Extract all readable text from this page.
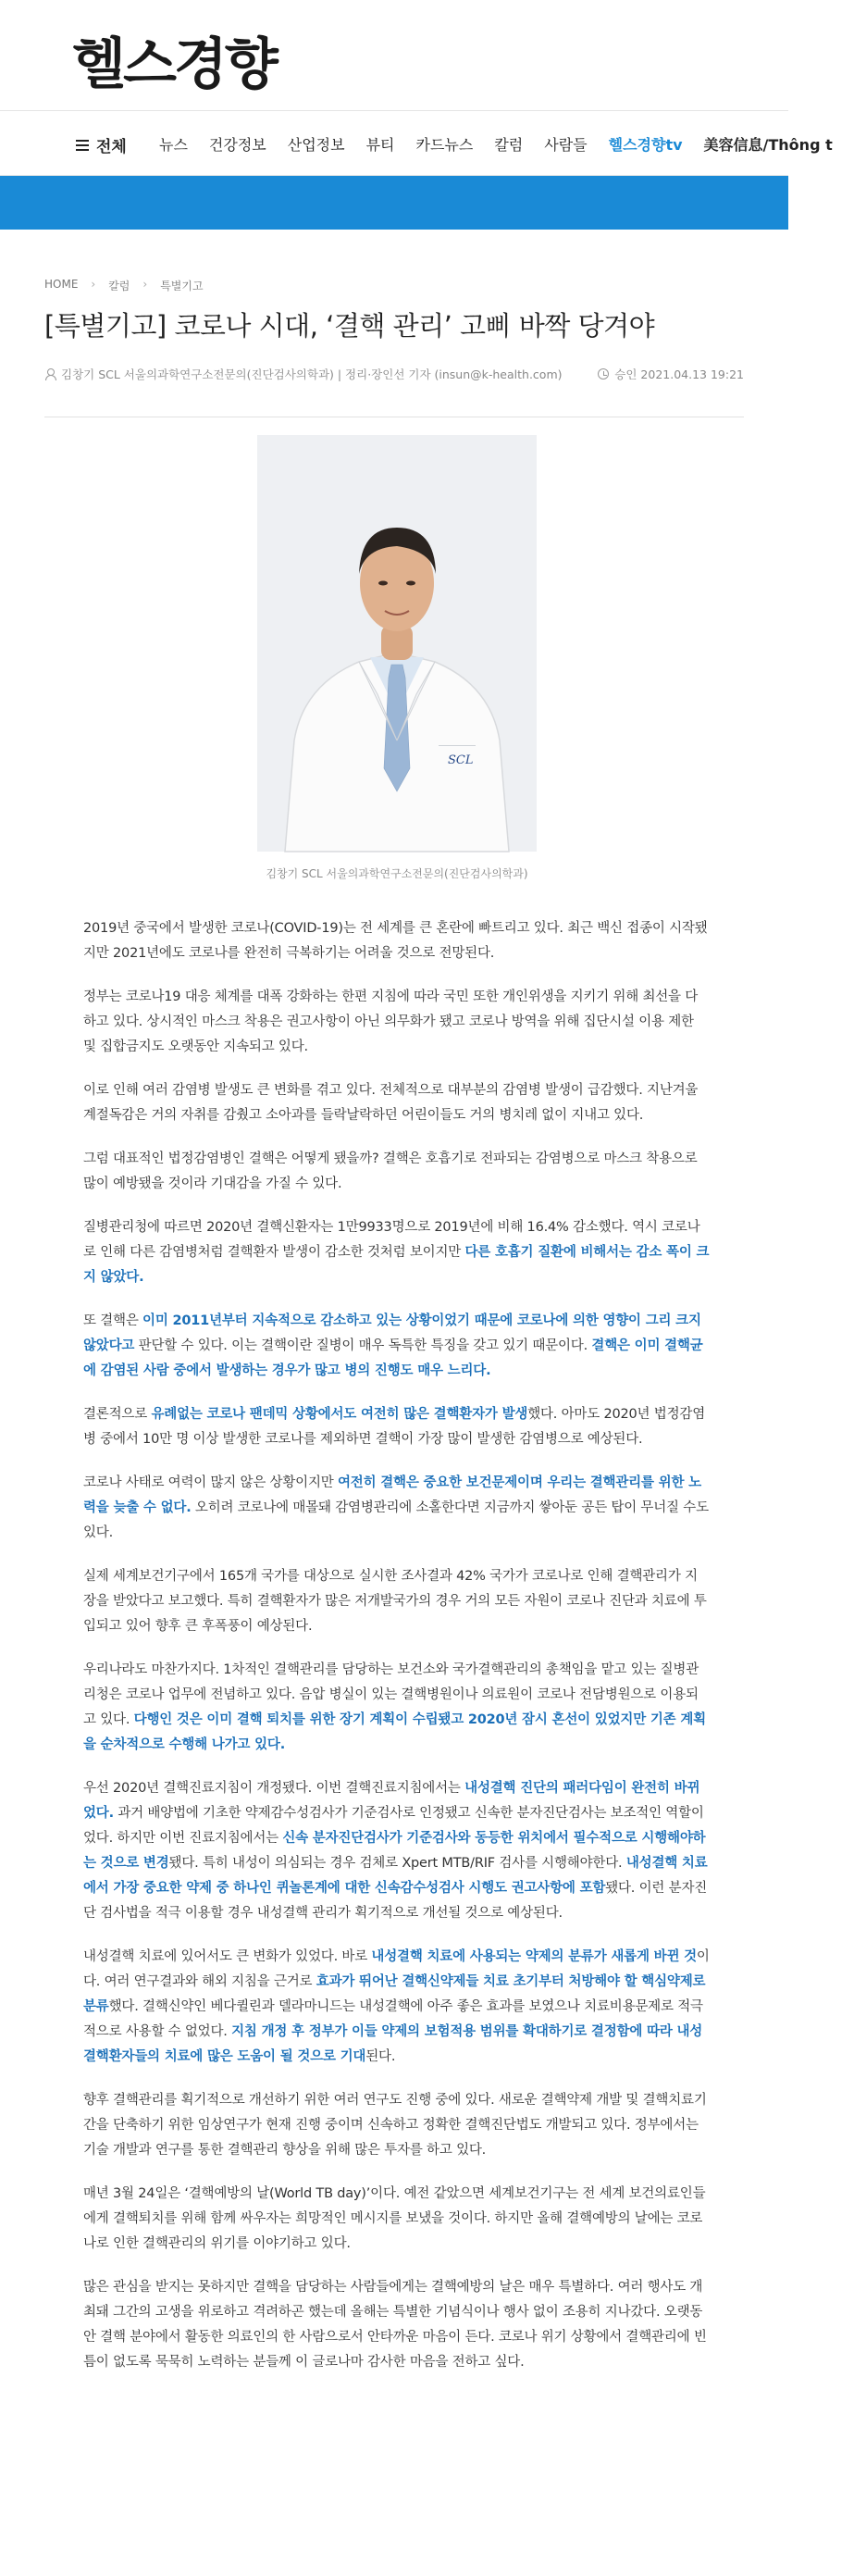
헬스경향
전체 뉴스 건강정보 산업정보 뷰티 카드뉴스 칼럼 사람들 헬스경향tv 美容信息/Thông t
HOME › 칼럼 › 특별기고
[특별기고] 코로나 시대, ‘결핵 관리’ 고삐 바짝 당겨야
김창기 SCL 서울의과학연구소전문의(진단검사의학과) | 정리·장인선 기자 (insun@k-health.com)	승인 2021.04.13 19:21
SCL
김창기 SCL 서울의과학연구소전문의(진단검사의학과)

2019년 중국에서 발생한 코로나(COVID-19)는 전 세계를 큰 혼란에 빠트리고 있다. 최근 백신 접종이 시작됐지만 2021년에도 코로나를 완전히 극복하기는 어려울 것으로 전망된다.

정부는 코로나19 대응 체계를 대폭 강화하는 한편 지침에 따라 국민 또한 개인위생을 지키기 위해 최선을 다하고 있다. 상시적인 마스크 착용은 권고사항이 아닌 의무화가 됐고 코로나 방역을 위해 집단시설 이용 제한 및 집합금지도 오랫동안 지속되고 있다.

이로 인해 여러 감염병 발생도 큰 변화를 겪고 있다. 전체적으로 대부분의 감염병 발생이 급감했다. 지난겨울 계절독감은 거의 자취를 감췄고 소아과를 들락날락하던 어린이들도 거의 병치레 없이 지내고 있다.

그럼 대표적인 법정감염병인 결핵은 어떻게 됐을까? 결핵은 호흡기로 전파되는 감염병으로 마스크 착용으로 많이 예방됐을 것이라 기대감을 가질 수 있다.

질병관리청에 따르면 2020년 결핵신환자는 1만9933명으로 2019년에 비해 16.4% 감소했다. 역시 코로나로 인해 다른 감염병처럼 결핵환자 발생이 감소한 것처럼 보이지만 다른 호흡기 질환에 비해서는 감소 폭이 크지 않았다.

또 결핵은 이미 2011년부터 지속적으로 감소하고 있는 상황이었기 때문에 코로나에 의한 영향이 그리 크지 않았다고 판단할 수 있다. 이는 결핵이란 질병이 매우 독특한 특징을 갖고 있기 때문이다. 결핵은 이미 결핵균에 감염된 사람 중에서 발생하는 경우가 많고 병의 진행도 매우 느리다.

결론적으로 유례없는 코로나 팬데믹 상황에서도 여전히 많은 결핵환자가 발생했다. 아마도 2020년 법정감염병 중에서 10만 명 이상 발생한 코로나를 제외하면 결핵이 가장 많이 발생한 감염병으로 예상된다.

코로나 사태로 여력이 많지 않은 상황이지만 여전히 결핵은 중요한 보건문제이며 우리는 결핵관리를 위한 노력을 늦출 수 없다. 오히려 코로나에 매몰돼 감염병관리에 소홀한다면 지금까지 쌓아둔 공든 탑이 무너질 수도 있다.

실제 세계보건기구에서 165개 국가를 대상으로 실시한 조사결과 42% 국가가 코로나로 인해 결핵관리가 지장을 받았다고 보고했다. 특히 결핵환자가 많은 저개발국가의 경우 거의 모든 자원이 코로나 진단과 치료에 투입되고 있어 향후 큰 후폭풍이 예상된다.

우리나라도 마찬가지다. 1차적인 결핵관리를 담당하는 보건소와 국가결핵관리의 총책임을 맡고 있는 질병관리청은 코로나 업무에 전념하고 있다. 음압 병실이 있는 결핵병원이나 의료원이 코로나 전담병원으로 이용되고 있다. 다행인 것은 이미 결핵 퇴치를 위한 장기 계획이 수립됐고 2020년 잠시 혼선이 있었지만 기존 계획을 순차적으로 수행해 나가고 있다.

우선 2020년 결핵진료지침이 개정됐다. 이번 결핵진료지침에서는 내성결핵 진단의 패러다임이 완전히 바뀌었다. 과거 배양법에 기초한 약제감수성검사가 기준검사로 인정됐고 신속한 분자진단검사는 보조적인 역할이었다. 하지만 이번 진료지침에서는 신속 분자진단검사가 기준검사와 동등한 위치에서 필수적으로 시행해야하는 것으로 변경됐다. 특히 내성이 의심되는 경우 검체로 Xpert MTB/RIF 검사를 시행해야한다. 내성결핵 치료에서 가장 중요한 약제 중 하나인 퀴놀론계에 대한 신속감수성검사 시행도 권고사항에 포함됐다. 이런 분자진단 검사법을 적극 이용할 경우 내성결핵 관리가 획기적으로 개선될 것으로 예상된다.

내성결핵 치료에 있어서도 큰 변화가 있었다. 바로 내성결핵 치료에 사용되는 약제의 분류가 새롭게 바뀐 것이다. 여러 연구결과와 해외 지침을 근거로 효과가 뛰어난 결핵신약제들 치료 초기부터 처방해야 할 핵심약제로 분류했다. 결핵신약인 베다퀼린과 델라마니드는 내성결핵에 아주 좋은 효과를 보였으나 치료비용문제로 적극적으로 사용할 수 없었다. 지침 개정 후 정부가 이들 약제의 보험적용 범위를 확대하기로 결정함에 따라 내성결핵환자들의 치료에 많은 도움이 될 것으로 기대된다.

향후 결핵관리를 획기적으로 개선하기 위한 여러 연구도 진행 중에 있다. 새로운 결핵약제 개발 및 결핵치료기간을 단축하기 위한 임상연구가 현재 진행 중이며 신속하고 정확한 결핵진단법도 개발되고 있다. 정부에서는 기술 개발과 연구를 통한 결핵관리 향상을 위해 많은 투자를 하고 있다.

매년 3월 24일은 ‘결핵예방의 날(World TB day)’이다. 예전 같았으면 세계보건기구는 전 세계 보건의료인들에게 결핵퇴치를 위해 함께 싸우자는 희망적인 메시지를 보냈을 것이다. 하지만 올해 결핵예방의 날에는 코로나로 인한 결핵관리의 위기를 이야기하고 있다.

많은 관심을 받지는 못하지만 결핵을 담당하는 사람들에게는 결핵예방의 날은 매우 특별하다. 여러 행사도 개최돼 그간의 고생을 위로하고 격려하곤 했는데 올해는 특별한 기념식이나 행사 없이 조용히 지나갔다. 오랫동안 결핵 분야에서 활동한 의료인의 한 사람으로서 안타까운 마음이 든다. 코로나 위기 상황에서 결핵관리에 빈틈이 없도록 묵묵히 노력하는 분들께 이 글로나마 감사한 마음을 전하고 싶다.
